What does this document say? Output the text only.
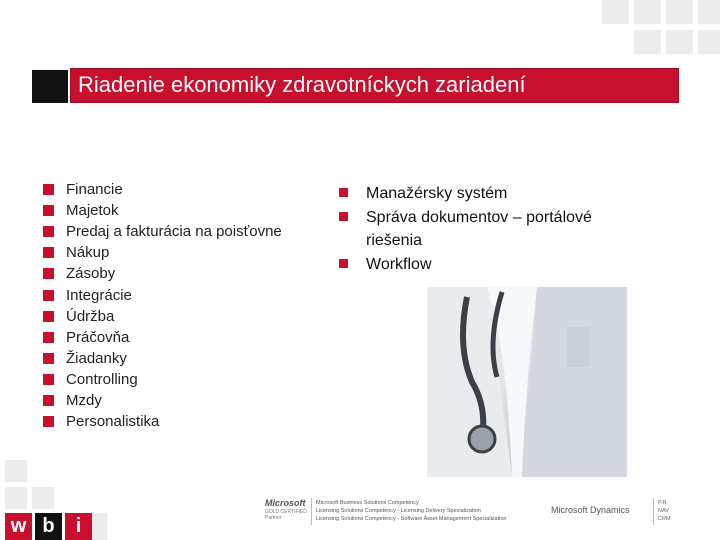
Riadenie ekonomiky zdravotníckych zariadení
Financie
Majetok
Predaj a fakturácia na poisťovne
Nákup
Zásoby
Integrácie
Údržba
Práčovňa
Žiadanky
Controlling
Mzdy
Personalistika
Manažérsky systém
Správa dokumentov – portálové riešenia
Workflow
w b	i
Microsoft
GOLD CERTIFIED Partner
Microsoft Business Solutions Competency
Licensing Solutions Competency - Licensing Delivery Specialization
Licensing Solutions Competency - Software Asset Management Specialization
Microsoft Dynamics
P.R.
NAV
CRM
